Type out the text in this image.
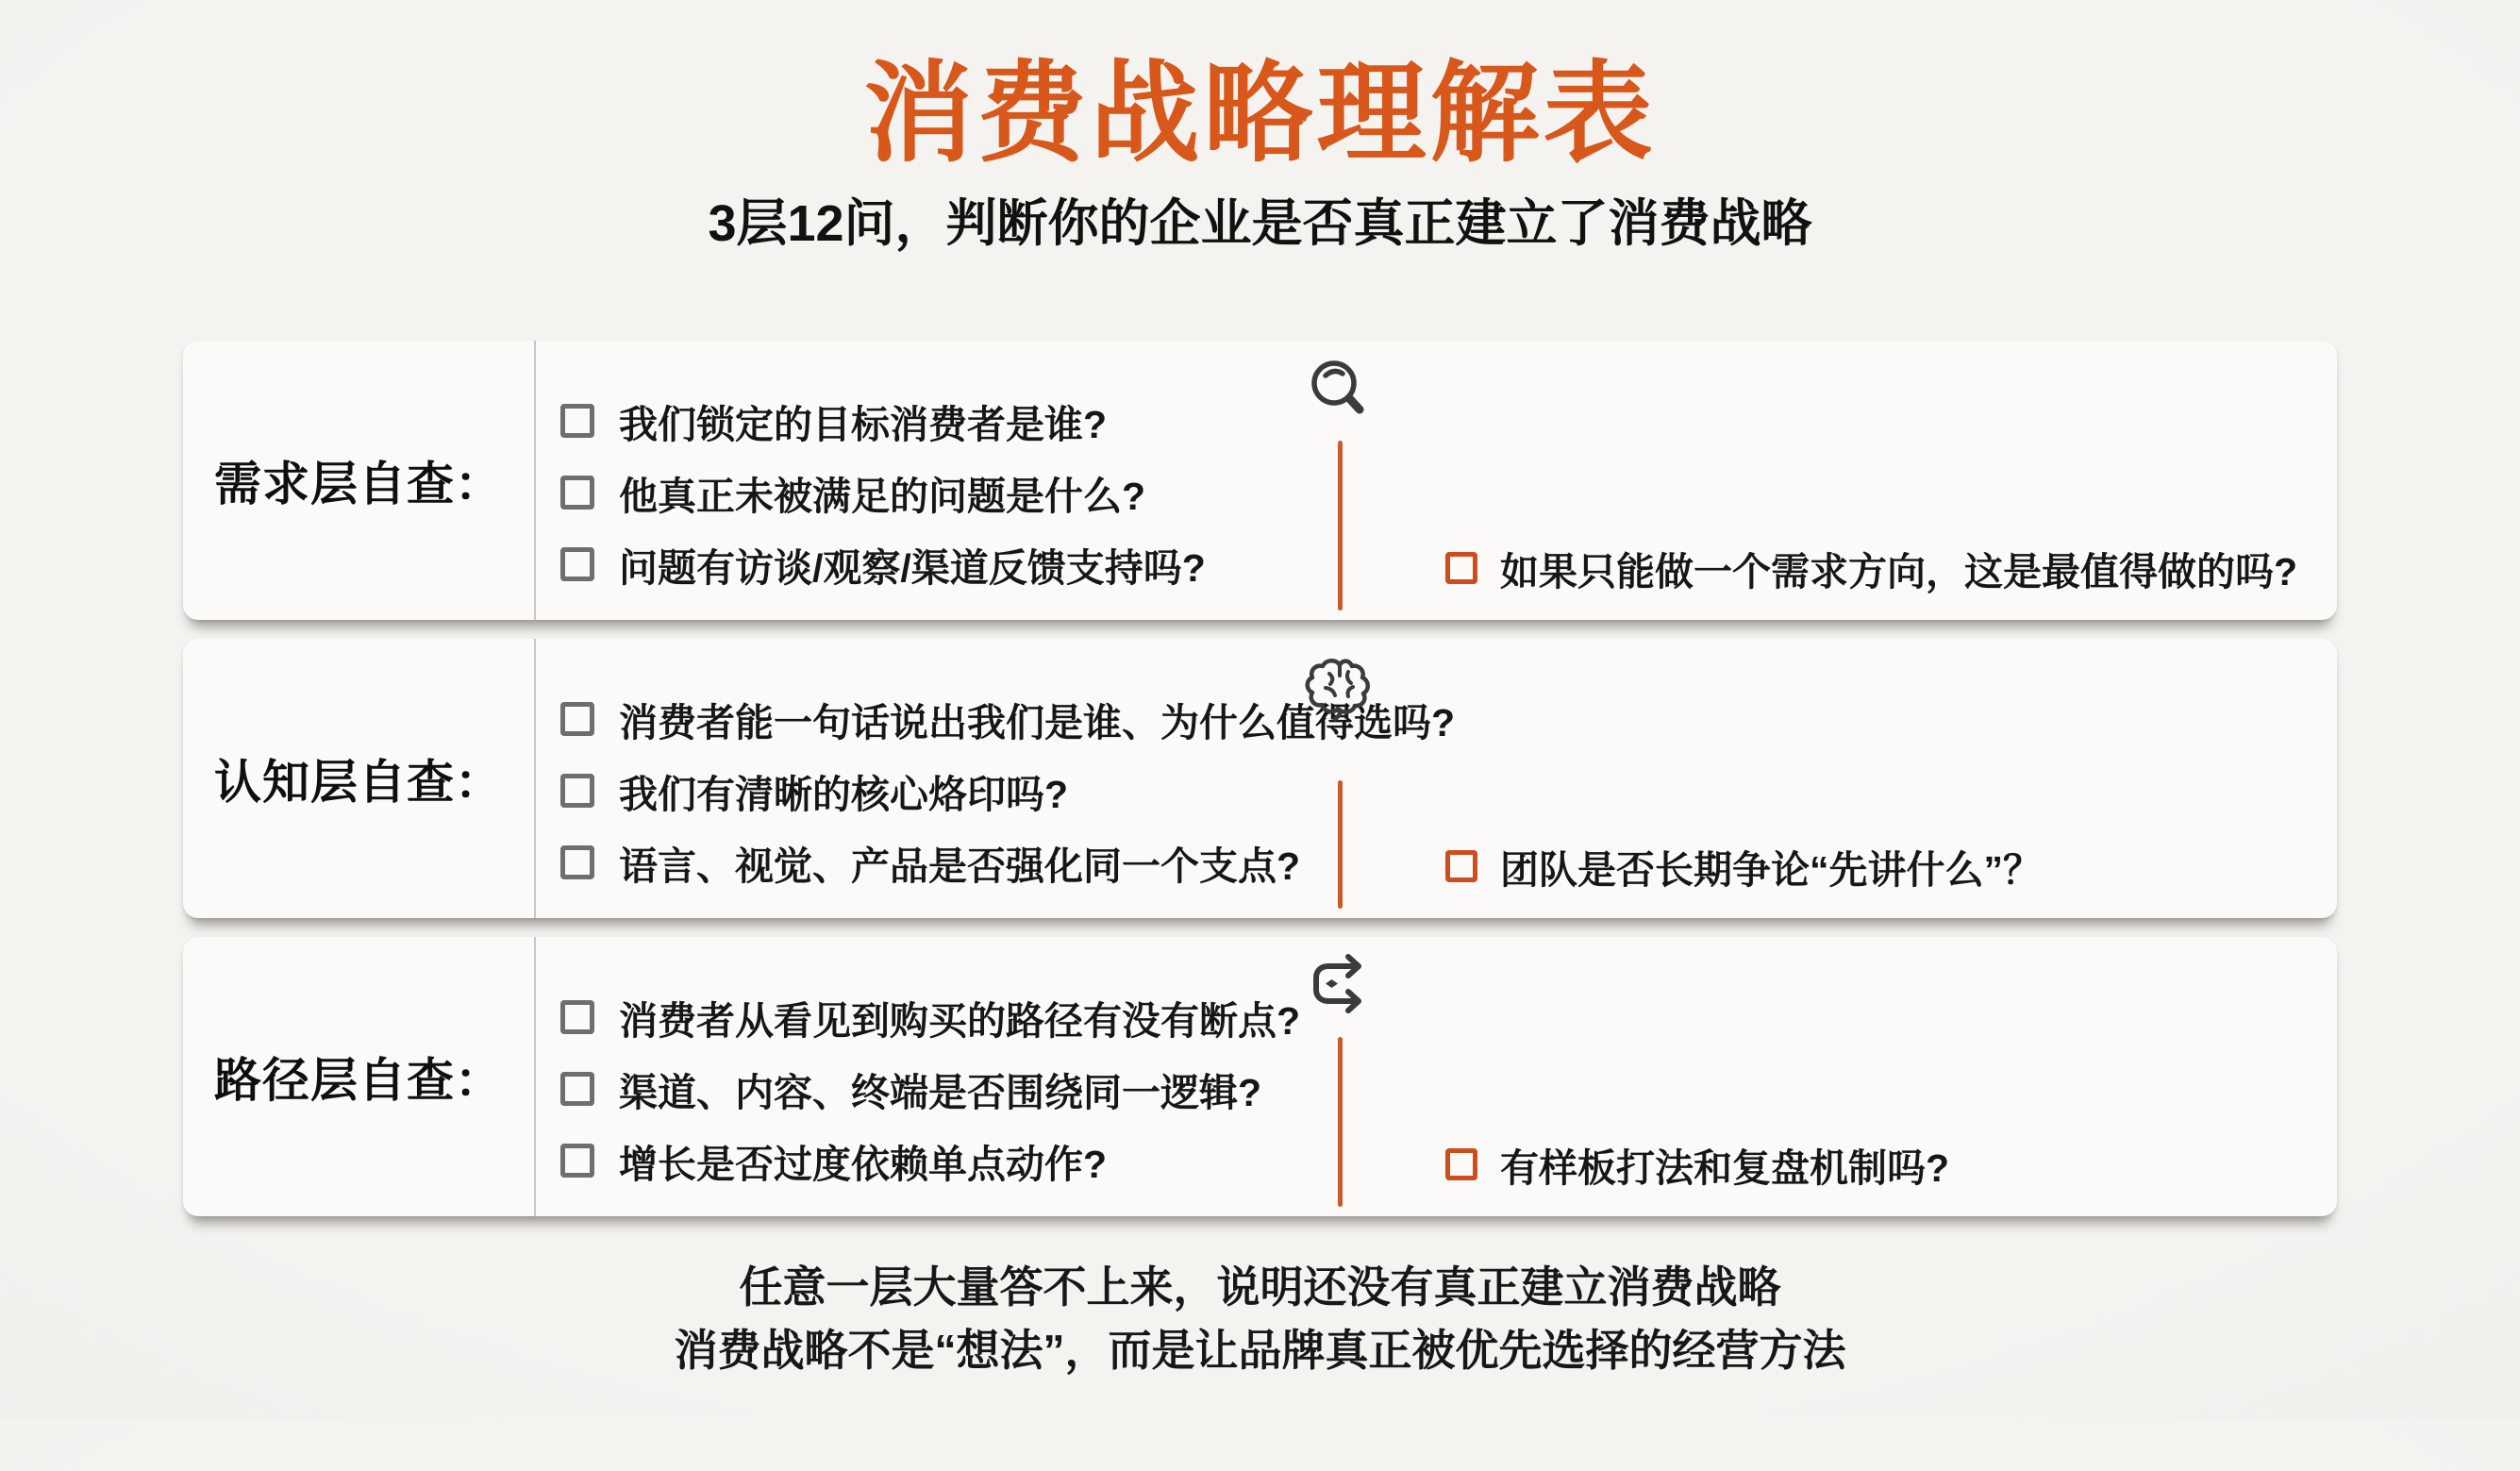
消费战略理解表
3层12问，判断你的企业是否真正建立了消费战略
需求层自查：
我们锁定的目标消费者是谁?
他真正未被满足的问题是什么?
问题有访谈/观察/渠道反馈支持吗?	如果只能做一个需求方向，这是最值得做的吗?
认知层自查：
消费者能一句话说出我们是谁、为什么值得选吗?
我们有清晰的核心烙印吗?
语言、视觉、产品是否强化同一个支点?	团队是否长期争论“先讲什么”？
路径层自查：
消费者从看见到购买的路径有没有断点?
渠道、内容、终端是否围绕同一逻辑?
增长是否过度依赖单点动作?	有样板打法和复盘机制吗?

任意一层大量答不上来，说明还没有真正建立消费战略

消费战略不是“想法”，而是让品牌真正被优先选择的经营方法
